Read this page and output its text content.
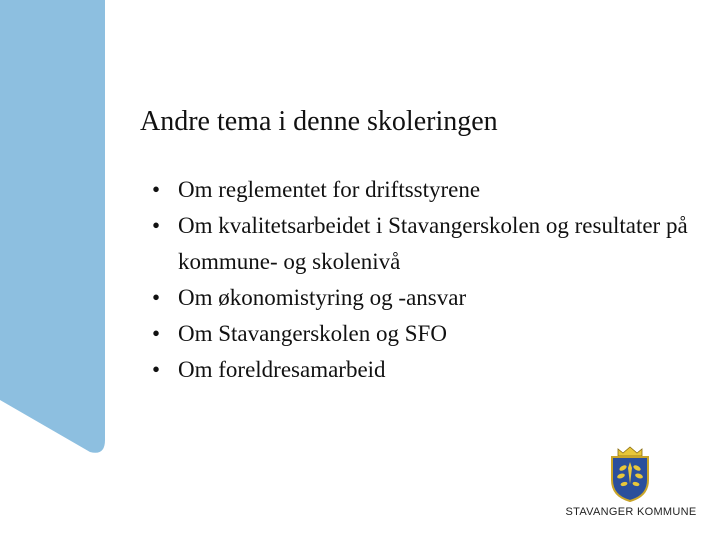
Andre tema i denne skoleringen
• Om reglementet for driftsstyrene
• Om kvalitetsarbeidet i Stavangerskolen og resultater på kommune- og skolenivå
• Om økonomistyring og -ansvar
• Om Stavangerskolen og SFO
• Om foreldresamarbeid
STAVANGER KOMMUNE
